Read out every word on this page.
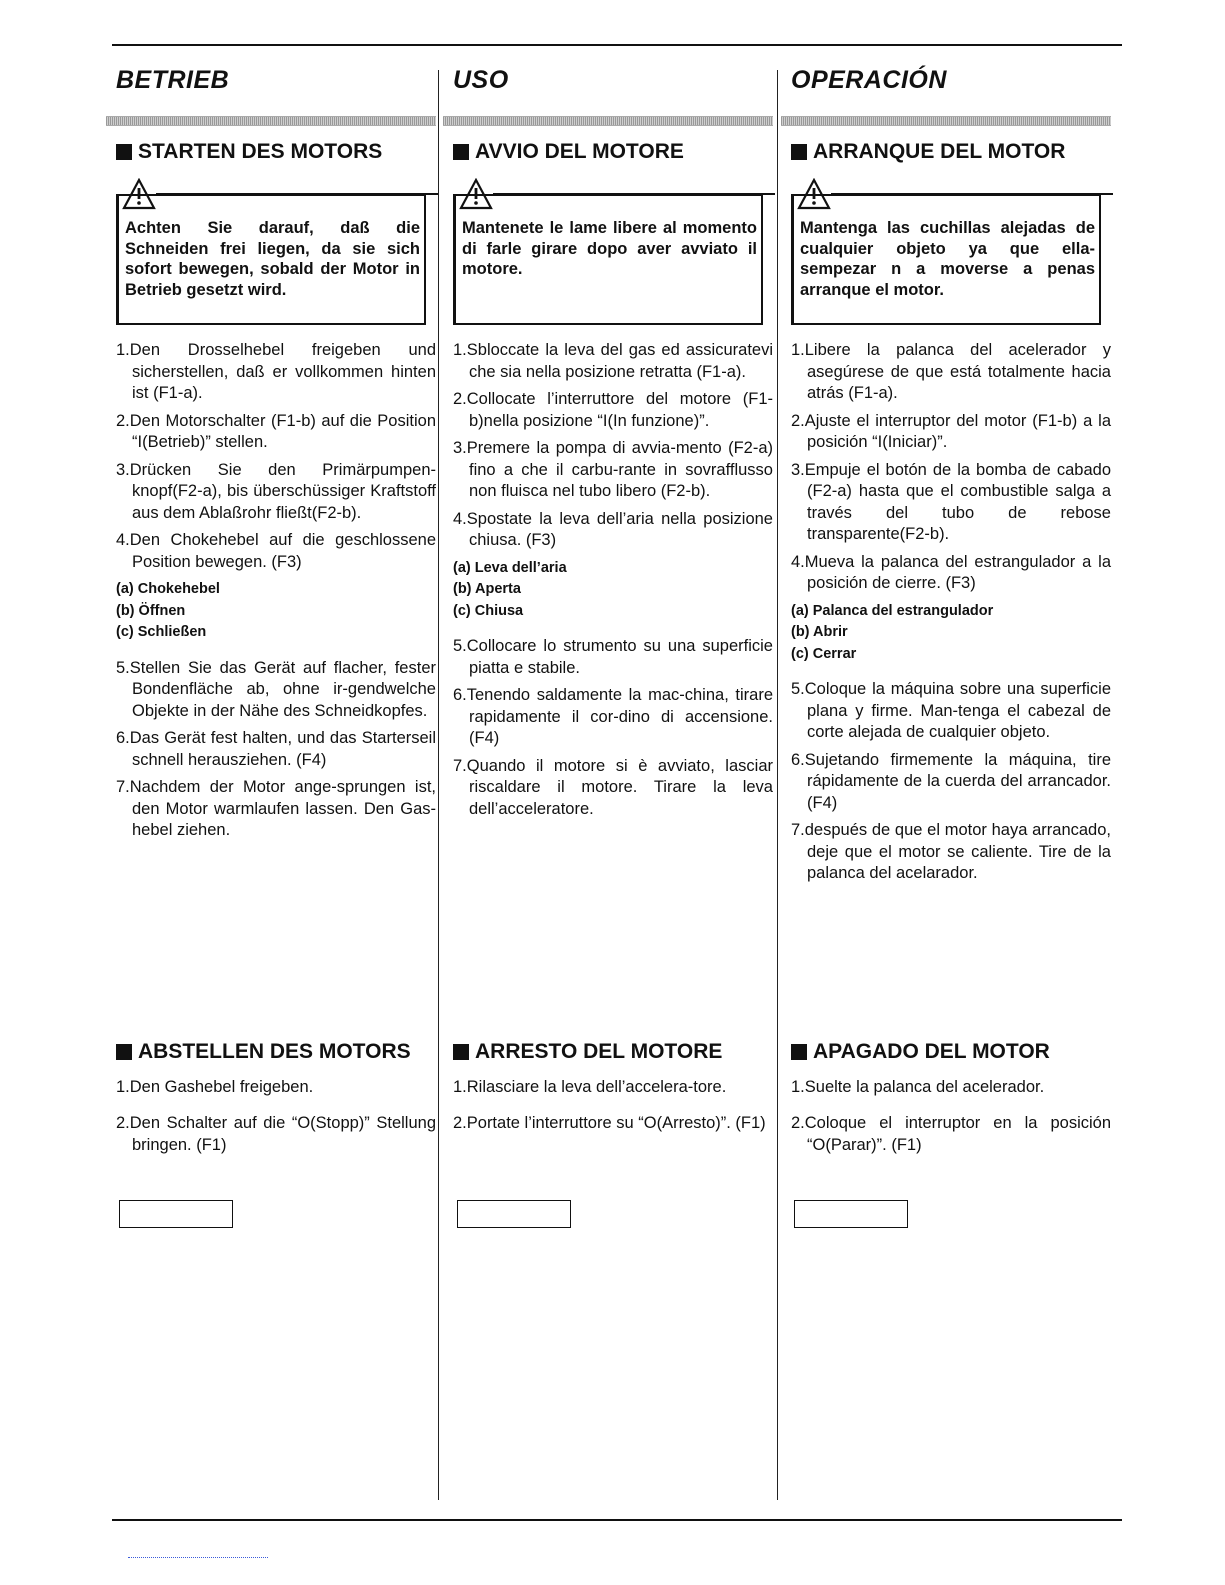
BETRIEB
STARTEN DES MOTORS

Achten Sie darauf, daß die Schneiden frei liegen, da sie sich sofort bewegen, sobald der Motor in Betrieb gesetzt wird.

1.Den Drosselhebel freigeben und sicherstellen, daß er vollkommen hinten ist (F1-a).
2.Den Motorschalter (F1-b) auf die Position “I(Betrieb)” stellen.
3.Drücken Sie den Primärpumpen-knopf(F2-a), bis überschüssiger Kraftstoff aus dem Ablaßrohr fließt(F2-b).
4.Den Chokehebel auf die geschlossene Position bewegen. (F3)
(a) Chokehebel
(b) Öffnen
(c) Schließen
5.Stellen Sie das Gerät auf flacher, fester Bondenfläche ab, ohne ir-gendwelche Objekte in der Nähe des Schneidkopfes.
6.Das Gerät fest halten, und das Starterseil schnell herausziehen. (F4)
7.Nachdem der Motor ange-sprungen ist, den Motor warmlaufen lassen. Den Gas-hebel ziehen.
USO
AVVIO DEL MOTORE

Mantenete le lame libere al momento di farle girare dopo aver avviato il motore.

1.Sbloccate la leva del gas ed assicuratevi che sia nella posizione retratta (F1-a).
2.Collocate l’interruttore del motore (F1-b)nella posizione “I(In funzione)”.
3.Premere la pompa di avvia-mento (F2-a) fino a che il carbu-rante in sovrafflusso non fluisca nel tubo libero (F2-b).
4.Spostate la leva dell’aria nella posizione chiusa. (F3)
(a) Leva dell’aria
(b) Aperta
(c) Chiusa
5.Collocare lo strumento su una superficie piatta e stabile.
6.Tenendo saldamente la mac-china, tirare rapidamente il cor-dino di accensione. (F4)
7.Quando il motore si è avviato, lasciar riscaldare il motore. Tirare la leva dell’acceleratore.
OPERACIÓN
ARRANQUE DEL MOTOR

Mantenga las cuchillas alejadas de cualquier objeto ya que ella-sempezar n a moverse a penas arranque el motor.

1.Libere la palanca del acelerador y asegúrese de que está totalmente hacia atrás (F1-a).
2.Ajuste el interruptor del motor (F1-b) a la posición “I(Iniciar)”.
3.Empuje el botón de la bomba de cabado (F2-a) hasta que el combustible salga a través del tubo de rebose transparente(F2-b).
4.Mueva la palanca del estrangulador a la posición de cierre. (F3)
(a) Palanca del estrangulador
(b) Abrir
(c) Cerrar
5.Coloque la máquina sobre una superficie plana y firme. Man-tenga el cabezal de corte alejada de cualquier objeto.
6.Sujetando firmemente la máquina, tire rápidamente de la cuerda del arrancador. (F4)
7.después de que el motor haya arrancado, deje que el motor se caliente. Tire de la palanca del acelarador.
ABSTELLEN DES MOTORS
1.Den Gashebel freigeben.
2.Den Schalter auf die “O(Stopp)” Stellung bringen. (F1)
ARRESTO DEL MOTORE
1.Rilasciare la leva dell’accelera-tore.
2.Portate l’interruttore su “O(Arresto)”. (F1)
APAGADO DEL MOTOR
1.Suelte la palanca del acelerador.
2.Coloque el interruptor en la posición “O(Parar)”. (F1)
